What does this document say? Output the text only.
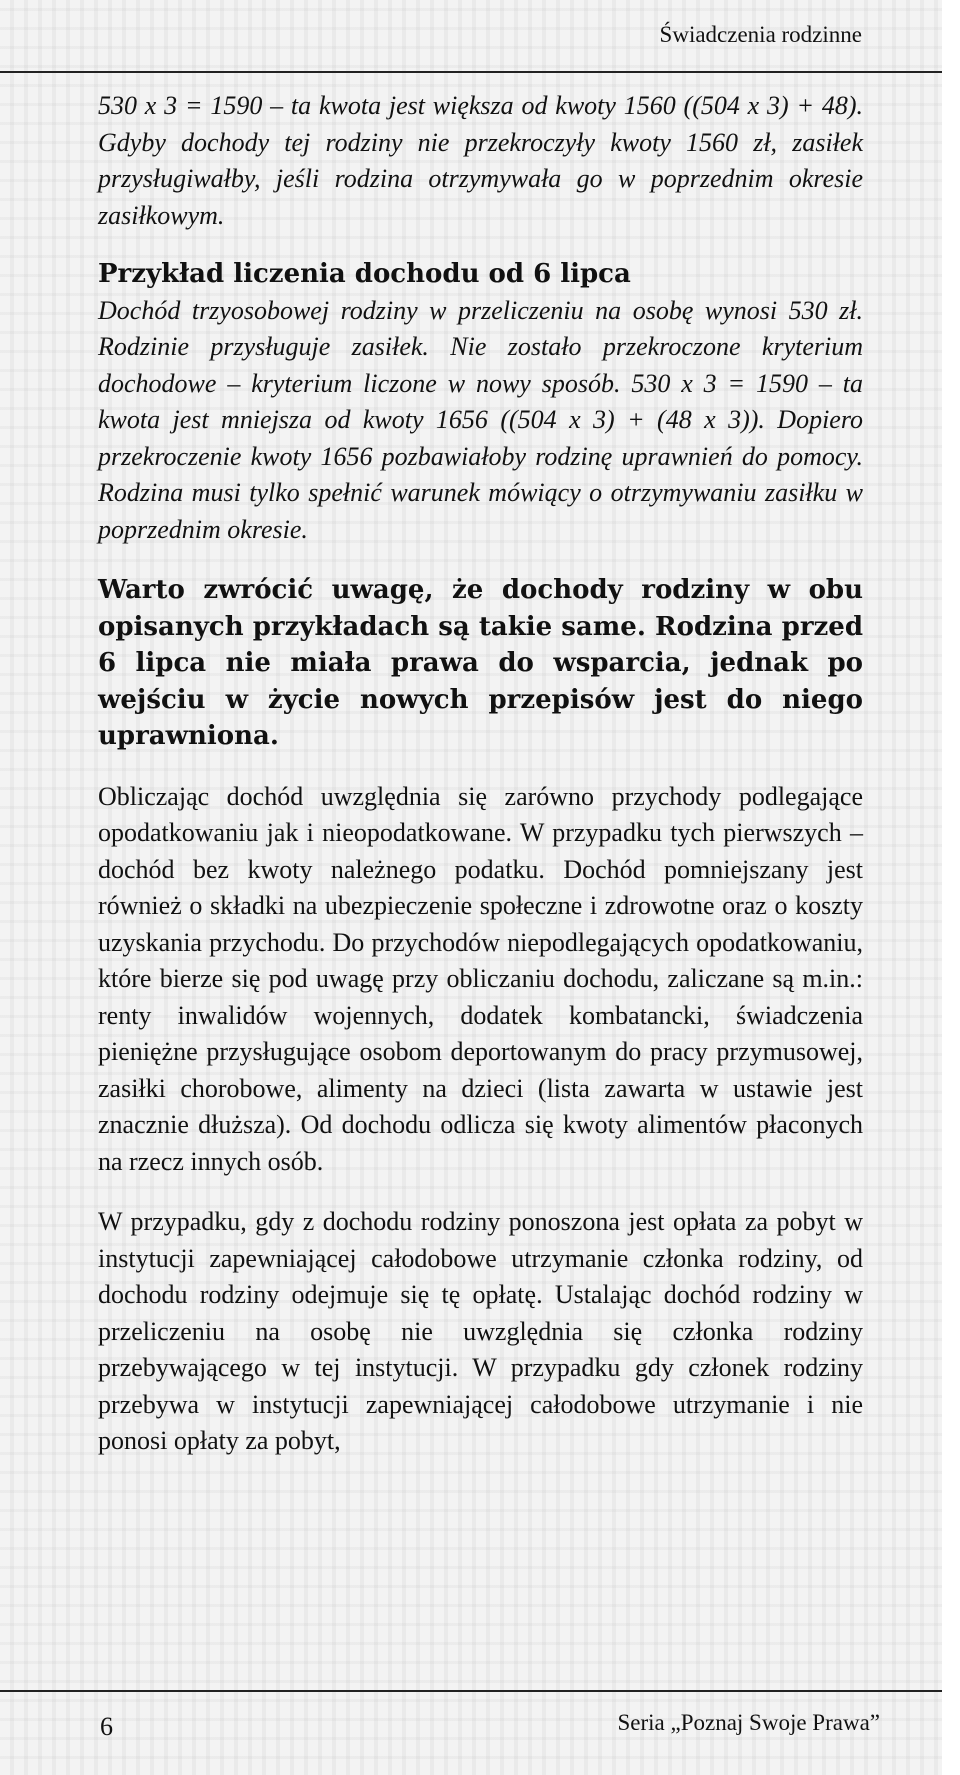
Świadczenia rodzinne

530 x 3 = 1590 – ta kwota jest większa od kwoty 1560 ((504 x 3) + 48). Gdyby dochody tej rodziny nie przekroczyły kwoty 1560 zł, zasiłek przysługiwałby, jeśli rodzina otrzymywała go w poprzednim okresie zasiłkowym.

Przykład liczenia dochodu od 6 lipca

Dochód trzyosobowej rodziny w przeliczeniu na osobę wynosi 530 zł. Rodzinie przysługuje zasiłek. Nie zostało przekroczone kryterium dochodowe – kryterium liczone w nowy sposób. 530 x 3 = 1590 – ta kwota jest mniejsza od kwoty 1656 ((504 x 3) + (48 x 3)). Dopiero przekroczenie kwoty 1656 pozbawiałoby rodzinę uprawnień do pomocy. Rodzina musi tylko spełnić warunek mówiący o otrzymywaniu zasiłku w poprzednim okresie.

Warto zwrócić uwagę, że dochody rodziny w obu opisanych przykładach są takie same. Rodzina przed 6 lipca nie miała prawa do wsparcia, jednak po wejściu w życie nowych przepisów jest do niego uprawniona.

Obliczając dochód uwzględnia się zarówno przychody podlegające opodatkowaniu jak i nieopodatkowane. W przypadku tych pierwszych – dochód bez kwoty należnego podatku. Dochód pomniejszany jest również o składki na ubezpieczenie społeczne i zdrowotne oraz o koszty uzyskania przychodu. Do przychodów niepodlegających opodatkowaniu, które bierze się pod uwagę przy obliczaniu dochodu, zaliczane są m.in.: renty inwalidów wojennych, dodatek kombatancki, świadczenia pieniężne przysługujące osobom deportowanym do pracy przymusowej, zasiłki chorobowe, alimenty na dzieci (lista zawarta w ustawie jest znacznie dłuższa). Od dochodu odlicza się kwoty alimentów płaconych na rzecz innych osób.

W przypadku, gdy z dochodu rodziny ponoszona jest opłata za pobyt w instytucji zapewniającej całodobowe utrzymanie członka rodziny, od dochodu rodziny odejmuje się tę opłatę. Ustalając dochód rodziny w przeliczeniu na osobę nie uwzględnia się członka rodziny przebywającego w tej instytucji. W przypadku gdy członek rodziny przebywa w instytucji zapewniającej całodobowe utrzymanie i nie ponosi opłaty za pobyt,

6	Seria „Poznaj Swoje Prawa”
